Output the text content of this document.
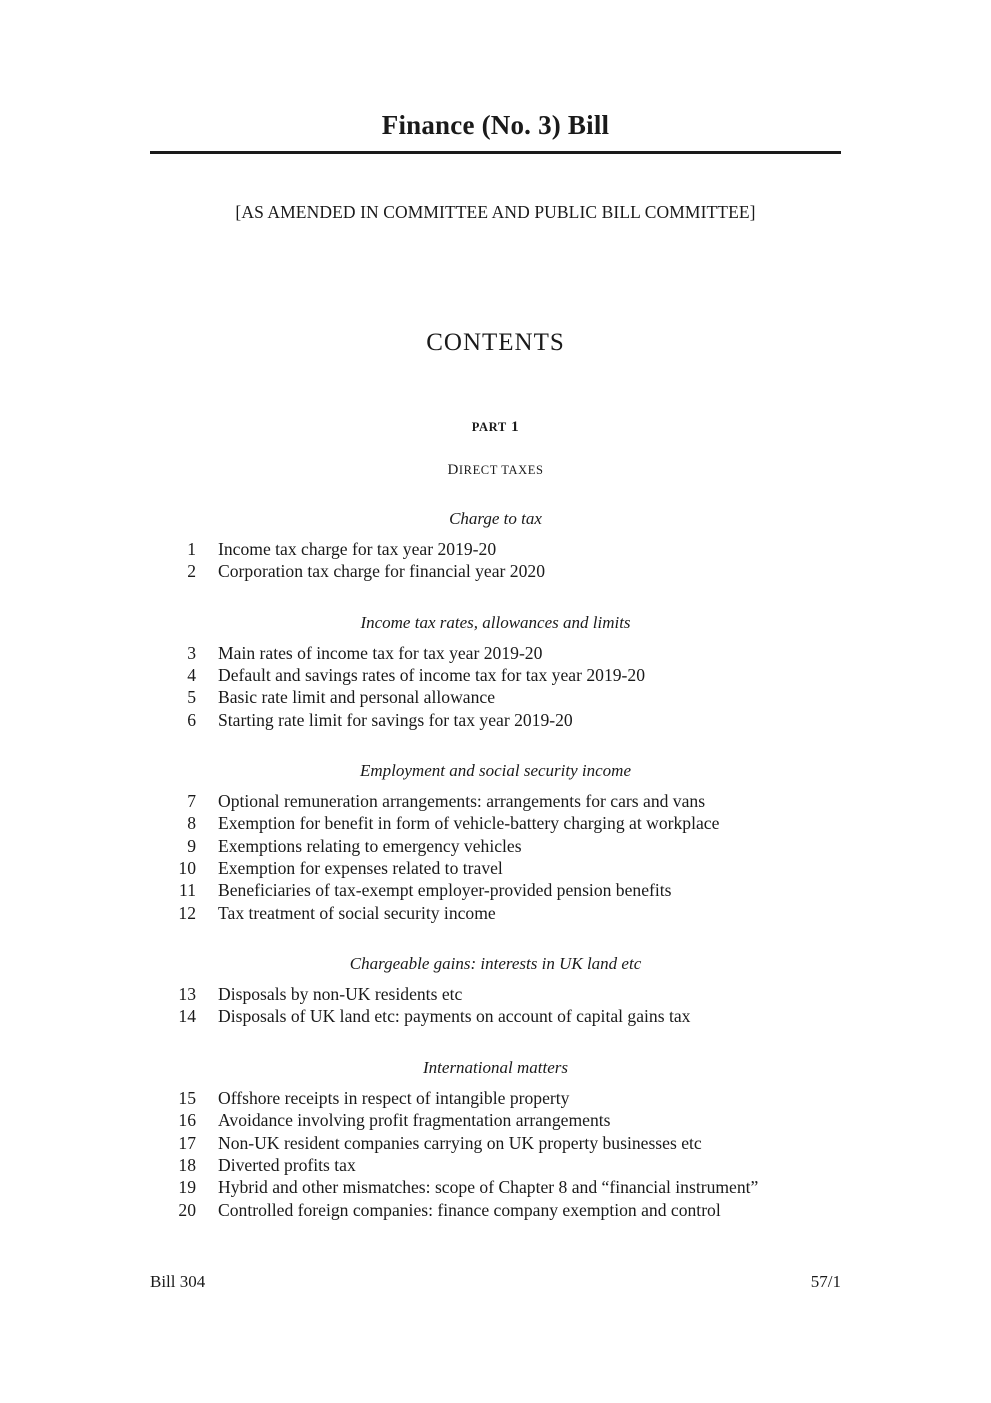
Finance (No. 3) Bill
[AS AMENDED IN COMMITTEE AND PUBLIC BILL COMMITTEE]
CONTENTS
PART 1
DIRECT TAXES
Charge to tax
1	Income tax charge for tax year 2019-20
2	Corporation tax charge for financial year 2020
Income tax rates, allowances and limits
3	Main rates of income tax for tax year 2019-20
4	Default and savings rates of income tax for tax year 2019-20
5	Basic rate limit and personal allowance
6	Starting rate limit for savings for tax year 2019-20
Employment and social security income
7	Optional remuneration arrangements: arrangements for cars and vans
8	Exemption for benefit in form of vehicle-battery charging at workplace
9	Exemptions relating to emergency vehicles
10	Exemption for expenses related to travel
11	Beneficiaries of tax-exempt employer-provided pension benefits
12	Tax treatment of social security income
Chargeable gains: interests in UK land etc
13	Disposals by non-UK residents etc
14	Disposals of UK land etc: payments on account of capital gains tax
International matters
15	Offshore receipts in respect of intangible property
16	Avoidance involving profit fragmentation arrangements
17	Non-UK resident companies carrying on UK property businesses etc
18	Diverted profits tax
19	Hybrid and other mismatches: scope of Chapter 8 and “financial instrument”
20	Controlled foreign companies: finance company exemption and control
Bill 304	57/1
